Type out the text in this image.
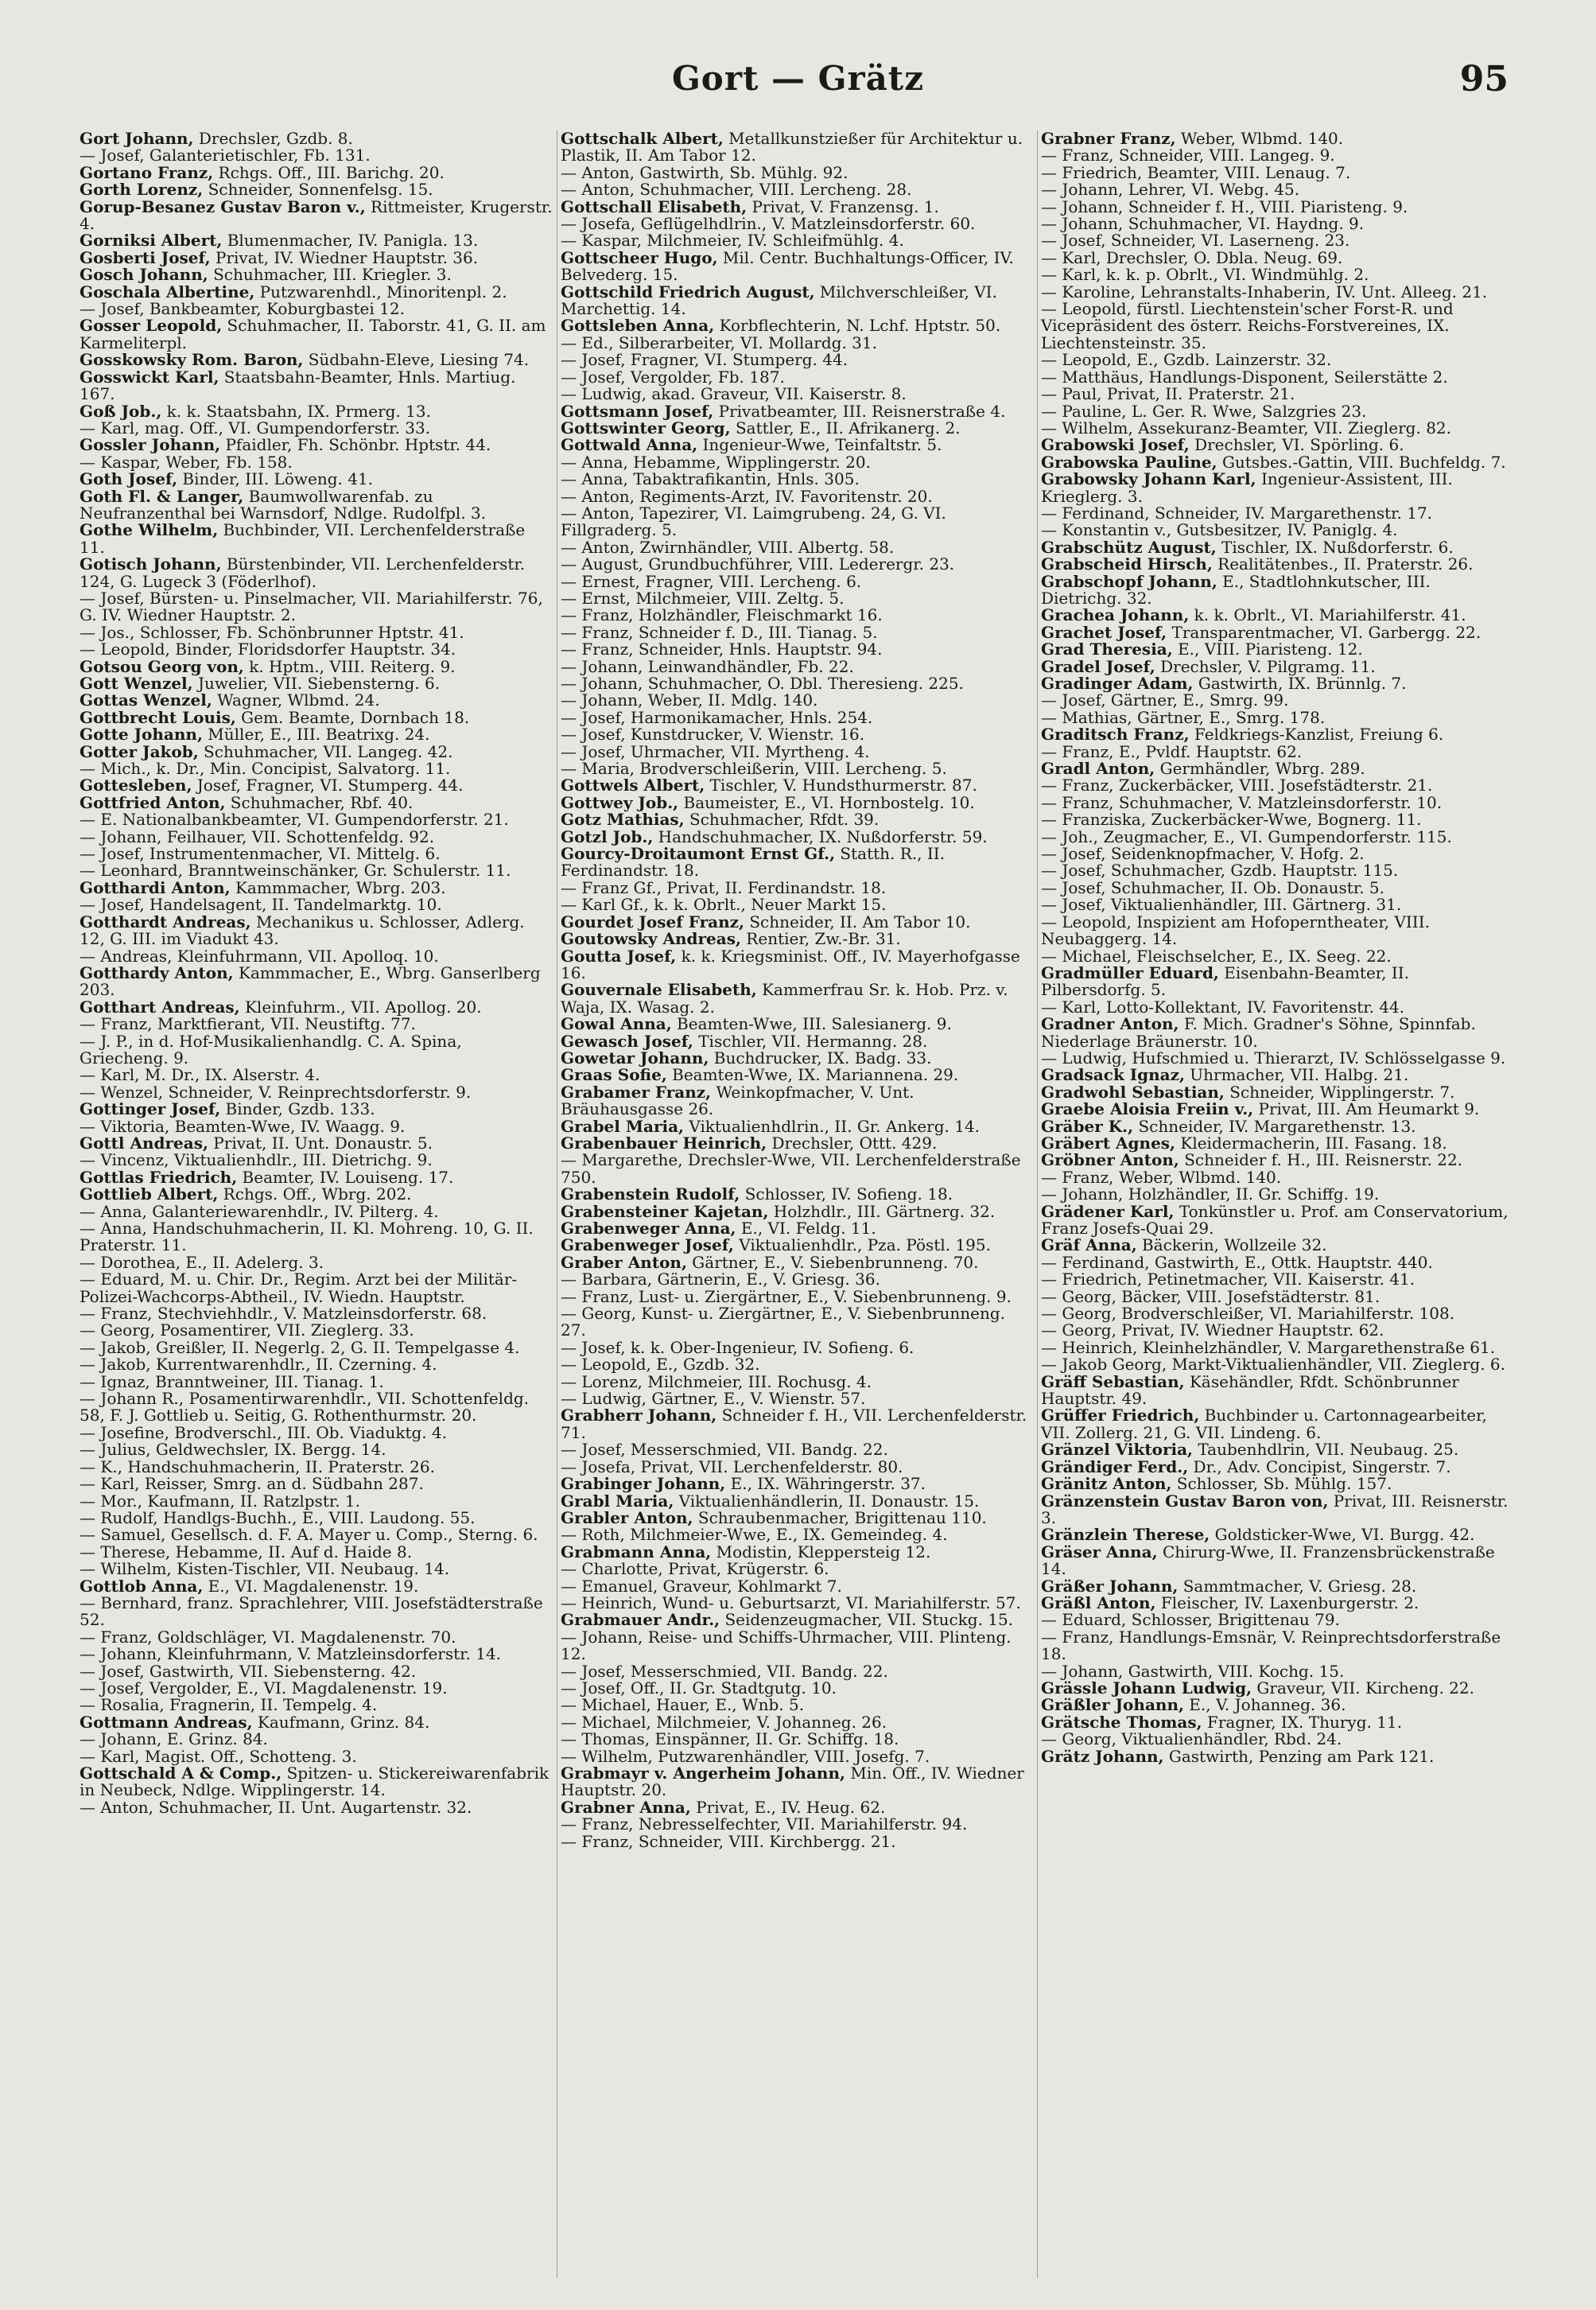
Gort — Grätz	95

Gort Johann, Drechsler, Gzdb. 8.

— Josef, Galanterietischler, Fb. 131.

Gortano Franz, Rchgs. Off., III. Barichg. 20.

Gorth Lorenz, Schneider, Sonnenfelsg. 15.

Gorup-Besanez Gustav Baron v., Rittmeister, Krugerstr. 4.

Gorniksi Albert, Blumenmacher, IV. Panigla. 13.

Gosberti Josef, Privat, IV. Wiedner Hauptstr. 36.

Gosch Johann, Schuhmacher, III. Kriegler. 3.

Goschala Albertine, Putzwarenhdl., Minoritenpl. 2.

— Josef, Bankbeamter, Koburgbastei 12.

Gosser Leopold, Schuhmacher, II. Taborstr. 41, G. II. am Karmeliterpl.

Gosskowsky Rom. Baron, Südbahn-Eleve, Liesing 74.

Gosswickt Karl, Staatsbahn-Beamter, Hnls. Martiug. 167.

Goß Job., k. k. Staatsbahn, IX. Prmerg. 13.

— Karl, mag. Off., VI. Gumpendorferstr. 33.

Gossler Johann, Pfaidler, Fh. Schönbr. Hptstr. 44.

— Kaspar, Weber, Fb. 158.

Goth Josef, Binder, III. Löweng. 41.

Goth Fl. & Langer, Baumwollwarenfab. zu Neufranzenthal bei Warnsdorf, Ndlge. Rudolfpl. 3.

Gothe Wilhelm, Buchbinder, VII. Lerchenfelderstraße 11.

Gotisch Johann, Bürstenbinder, VII. Lerchenfelderstr. 124, G. Lugeck 3 (Föderlhof).

— Josef, Bürsten- u. Pinselmacher, VII. Mariahilferstr. 76, G. IV. Wiedner Hauptstr. 2.

— Jos., Schlosser, Fb. Schönbrunner Hptstr. 41.

— Leopold, Binder, Floridsdorfer Hauptstr. 34.

Gotsou Georg von, k. Hptm., VIII. Reiterg. 9.

Gott Wenzel, Juwelier, VII. Siebensterng. 6.

Gottas Wenzel, Wagner, Wlbmd. 24.

Gottbrecht Louis, Gem. Beamte, Dornbach 18.

Gotte Johann, Müller, E., III. Beatrixg. 24.

Gotter Jakob, Schuhmacher, VII. Langeg. 42.

— Mich., k. Dr., Min. Concipist, Salvatorg. 11.

Gottesleben, Josef, Fragner, VI. Stumperg. 44.

Gottfried Anton, Schuhmacher, Rbf. 40.

— E. Nationalbankbeamter, VI. Gumpendorferstr. 21.

— Johann, Feilhauer, VII. Schottenfeldg. 92.

— Josef, Instrumentenmacher, VI. Mittelg. 6.

— Leonhard, Branntweinschänker, Gr. Schulerstr. 11.

Gotthardi Anton, Kammmacher, Wbrg. 203.

— Josef, Handelsagent, II. Tandelmarktg. 10.

Gotthardt Andreas, Mechanikus u. Schlosser, Adlerg. 12, G. III. im Viadukt 43.

— Andreas, Kleinfuhrmann, VII. Apolloq. 10.

Gotthardy Anton, Kammmacher, E., Wbrg. Ganserlberg 203.

Gotthart Andreas, Kleinfuhrm., VII. Apollog. 20.

— Franz, Marktfierant, VII. Neustiftg. 77.

— J. P., in d. Hof-Musikalienhandlg. C. A. Spina, Griecheng. 9.

— Karl, M. Dr., IX. Alserstr. 4.

— Wenzel, Schneider, V. Reinprechtsdorferstr. 9.

Gottinger Josef, Binder, Gzdb. 133.

— Viktoria, Beamten-Wwe, IV. Waagg. 9.

Gottl Andreas, Privat, II. Unt. Donaustr. 5.

— Vincenz, Viktualienhdlr., III. Dietrichg. 9.

Gottlas Friedrich, Beamter, IV. Louiseng. 17.

Gottlieb Albert, Rchgs. Off., Wbrg. 202.

— Anna, Galanteriewarenhdlr., IV. Pilterg. 4.

— Anna, Handschuhmacherin, II. Kl. Mohreng. 10, G. II. Praterstr. 11.

— Dorothea, E., II. Adelerg. 3.

— Eduard, M. u. Chir. Dr., Regim. Arzt bei der Militär-Polizei-Wachcorps-Abtheil., IV. Wiedn. Hauptstr.

— Franz, Stechviehhdlr., V. Matzleinsdorferstr. 68.

— Georg, Posamentirer, VII. Zieglerg. 33.

— Jakob, Greißler, II. Negerlg. 2, G. II. Tempelgasse 4.

— Jakob, Kurrentwarenhdlr., II. Czerning. 4.

— Ignaz, Branntweiner, III. Tianag. 1.

— Johann R., Posamentirwarenhdlr., VII. Schottenfeldg. 58, F. J. Gottlieb u. Seitig, G. Rothenthurmstr. 20.

— Josefine, Brodverschl., III. Ob. Viaduktg. 4.

— Julius, Geldwechsler, IX. Bergg. 14.

— K., Handschuhmacherin, II. Praterstr. 26.

— Karl, Reisser, Smrg. an d. Südbahn 287.

— Mor., Kaufmann, II. Ratzlpstr. 1.

— Rudolf, Handlgs-Buchh., E., VIII. Laudong. 55.

— Samuel, Gesellsch. d. F. A. Mayer u. Comp., Sterng. 6.

— Therese, Hebamme, II. Auf d. Haide 8.

— Wilhelm, Kisten-Tischler, VII. Neubaug. 14.

Gottlob Anna, E., VI. Magdalenenstr. 19.

— Bernhard, franz. Sprachlehrer, VIII. Josefstädterstraße 52.

— Franz, Goldschläger, VI. Magdalenenstr. 70.

— Johann, Kleinfuhrmann, V. Matzleinsdorferstr. 14.

— Josef, Gastwirth, VII. Siebensterng. 42.

— Josef, Vergolder, E., VI. Magdalenenstr. 19.

— Rosalia, Fragnerin, II. Tempelg. 4.

Gottmann Andreas, Kaufmann, Grinz. 84.

— Johann, E. Grinz. 84.

— Karl, Magist. Off., Schotteng. 3.

Gottschald A & Comp., Spitzen- u. Stickereiwarenfabrik in Neubeck, Ndlge. Wipplingerstr. 14.

— Anton, Schuhmacher, II. Unt. Augartenstr. 32.

Gottschalk Albert, Metallkunstzießer für Architektur u. Plastik, II. Am Tabor 12.

— Anton, Gastwirth, Sb. Mühlg. 92.

— Anton, Schuhmacher, VIII. Lercheng. 28.

Gottschall Elisabeth, Privat, V. Franzensg. 1.

— Josefa, Geflügelhdlrin., V. Matzleinsdorferstr. 60.

— Kaspar, Milchmeier, IV. Schleifmühlg. 4.

Gottscheer Hugo, Mil. Centr. Buchhaltungs-Officer, IV. Belvederg. 15.

Gottschild Friedrich August, Milchverschleißer, VI. Marchettig. 14.

Gottsleben Anna, Korbflechterin, N. Lchf. Hptstr. 50.

— Ed., Silberarbeiter, VI. Mollardg. 31.

— Josef, Fragner, VI. Stumperg. 44.

— Josef, Vergolder, Fb. 187.

— Ludwig, akad. Graveur, VII. Kaiserstr. 8.

Gottsmann Josef, Privatbeamter, III. Reisnerstraße 4.

Gottswinter Georg, Sattler, E., II. Afrikanerg. 2.

Gottwald Anna, Ingenieur-Wwe, Teinfaltstr. 5.

— Anna, Hebamme, Wipplingerstr. 20.

— Anna, Tabaktrafikantin, Hnls. 305.

— Anton, Regiments-Arzt, IV. Favoritenstr. 20.

— Anton, Tapezirer, VI. Laimgrubeng. 24, G. VI. Fillgraderg. 5.

— Anton, Zwirnhändler, VIII. Albertg. 58.

— August, Grundbuchführer, VIII. Lederergr. 23.

— Ernest, Fragner, VIII. Lercheng. 6.

— Ernst, Milchmeier, VIII. Zeltg. 5.

— Franz, Holzhändler, Fleischmarkt 16.

— Franz, Schneider f. D., III. Tianag. 5.

— Franz, Schneider, Hnls. Hauptstr. 94.

— Johann, Leinwandhändler, Fb. 22.

— Johann, Schuhmacher, O. Dbl. Theresieng. 225.

— Johann, Weber, II. Mdlg. 140.

— Josef, Harmonikamacher, Hnls. 254.

— Josef, Kunstdrucker, V. Wienstr. 16.

— Josef, Uhrmacher, VII. Myrtheng. 4.

— Maria, Brodverschleißerin, VIII. Lercheng. 5.

Gottwels Albert, Tischler, V. Hundsthurmerstr. 87.

Gottwey Job., Baumeister, E., VI. Hornbostelg. 10.

Gotz Mathias, Schuhmacher, Rfdt. 39.

Gotzl Job., Handschuhmacher, IX. Nußdorferstr. 59.

Gourcy-Droitaumont Ernst Gf., Statth. R., II. Ferdinandstr. 18.

— Franz Gf., Privat, II. Ferdinandstr. 18.

— Karl Gf., k. k. Obrlt., Neuer Markt 15.

Gourdet Josef Franz, Schneider, II. Am Tabor 10.

Goutowsky Andreas, Rentier, Zw.-Br. 31.

Goutta Josef, k. k. Kriegsminist. Off., IV. Mayerhofgasse 16.

Gouvernale Elisabeth, Kammerfrau Sr. k. Hob. Prz. v. Waja, IX. Wasag. 2.

Gowal Anna, Beamten-Wwe, III. Salesianerg. 9.

Gewasch Josef, Tischler, VII. Hermanng. 28.

Gowetar Johann, Buchdrucker, IX. Badg. 33.

Graas Sofie, Beamten-Wwe, IX. Mariannena. 29.

Grabamer Franz, Weinkopfmacher, V. Unt. Bräuhausgasse 26.

Grabel Maria, Viktualienhdlrin., II. Gr. Ankerg. 14.

Grabenbauer Heinrich, Drechsler, Ottt. 429.

— Margarethe, Drechsler-Wwe, VII. Lerchenfelderstraße 750.

Grabenstein Rudolf, Schlosser, IV. Sofieng. 18.

Grabensteiner Kajetan, Holzhdlr., III. Gärtnerg. 32.

Grabenweger Anna, E., VI. Feldg. 11.

Grabenweger Josef, Viktualienhdlr., Pza. Pöstl. 195.

Graber Anton, Gärtner, E., V. Siebenbrunneng. 70.

— Barbara, Gärtnerin, E., V. Griesg. 36.

— Franz, Lust- u. Ziergärtner, E., V. Siebenbrunneng. 9.

— Georg, Kunst- u. Ziergärtner, E., V. Siebenbrunneng. 27.

— Josef, k. k. Ober-Ingenieur, IV. Sofieng. 6.

— Leopold, E., Gzdb. 32.

— Lorenz, Milchmeier, III. Rochusg. 4.

— Ludwig, Gärtner, E., V. Wienstr. 57.

Grabherr Johann, Schneider f. H., VII. Lerchenfelderstr. 71.

— Josef, Messerschmied, VII. Bandg. 22.

— Josefa, Privat, VII. Lerchenfelderstr. 80.

Grabinger Johann, E., IX. Währingerstr. 37.

Grabl Maria, Viktualienhändlerin, II. Donaustr. 15.

Grabler Anton, Schraubenmacher, Brigittenau 110.

— Roth, Milchmeier-Wwe, E., IX. Gemeindeg. 4.

Grabmann Anna, Modistin, Kleppersteig 12.

— Charlotte, Privat, Krügerstr. 6.

— Emanuel, Graveur, Kohlmarkt 7.

— Heinrich, Wund- u. Geburtsarzt, VI. Mariahilferstr. 57.

Grabmauer Andr., Seidenzeugmacher, VII. Stuckg. 15.

— Johann, Reise- und Schiffs-Uhrmacher, VIII. Plinteng. 12.

— Josef, Messerschmied, VII. Bandg. 22.

— Josef, Off., II. Gr. Stadtgutg. 10.

— Michael, Hauer, E., Wnb. 5.

— Michael, Milchmeier, V. Johanneg. 26.

— Thomas, Einspänner, II. Gr. Schiffg. 18.

— Wilhelm, Putzwarenhändler, VIII. Josefg. 7.

Grabmayr v. Angerheim Johann, Min. Off., IV. Wiedner Hauptstr. 20.

Grabner Anna, Privat, E., IV. Heug. 62.

— Franz, Nebresselfechter, VII. Mariahilferstr. 94.

— Franz, Schneider, VIII. Kirchbergg. 21.

Grabner Franz, Weber, Wlbmd. 140.

— Franz, Schneider, VIII. Langeg. 9.

— Friedrich, Beamter, VIII. Lenaug. 7.

— Johann, Lehrer, VI. Webg. 45.

— Johann, Schneider f. H., VIII. Piaristeng. 9.

— Johann, Schuhmacher, VI. Haydng. 9.

— Josef, Schneider, VI. Laserneng. 23.

— Karl, Drechsler, O. Dbla. Neug. 69.

— Karl, k. k. p. Obrlt., VI. Windmühlg. 2.

— Karoline, Lehranstalts-Inhaberin, IV. Unt. Alleeg. 21.

— Leopold, fürstl. Liechtenstein'scher Forst-R. und Vicepräsident des österr. Reichs-Forstvereines, IX. Liechtensteinstr. 35.

— Leopold, E., Gzdb. Lainzerstr. 32.

— Matthäus, Handlungs-Disponent, Seilerstätte 2.

— Paul, Privat, II. Praterstr. 21.

— Pauline, L. Ger. R. Wwe, Salzgries 23.

— Wilhelm, Assekuranz-Beamter, VII. Zieglerg. 82.

Grabowski Josef, Drechsler, VI. Spörling. 6.

Grabowska Pauline, Gutsbes.-Gattin, VIII. Buchfeldg. 7.

Grabowsky Johann Karl, Ingenieur-Assistent, III. Krieglerg. 3.

— Ferdinand, Schneider, IV. Margarethenstr. 17.

— Konstantin v., Gutsbesitzer, IV. Paniglg. 4.

Grabschütz August, Tischler, IX. Nußdorferstr. 6.

Grabscheid Hirsch, Realitätenbes., II. Praterstr. 26.

Grabschopf Johann, E., Stadtlohnkutscher, III. Dietrichg. 32.

Grachea Johann, k. k. Obrlt., VI. Mariahilferstr. 41.

Grachet Josef, Transparentmacher, VI. Garbergg. 22.

Grad Theresia, E., VIII. Piaristeng. 12.

Gradel Josef, Drechsler, V. Pilgramg. 11.

Gradinger Adam, Gastwirth, IX. Brünnlg. 7.

— Josef, Gärtner, E., Smrg. 99.

— Mathias, Gärtner, E., Smrg. 178.

Graditsch Franz, Feldkriegs-Kanzlist, Freiung 6.

— Franz, E., Pvldf. Hauptstr. 62.

Gradl Anton, Germhändler, Wbrg. 289.

— Franz, Zuckerbäcker, VIII. Josefstädterstr. 21.

— Franz, Schuhmacher, V. Matzleinsdorferstr. 10.

— Franziska, Zuckerbäcker-Wwe, Bognerg. 11.

— Joh., Zeugmacher, E., VI. Gumpendorferstr. 115.

— Josef, Seidenknopfmacher, V. Hofg. 2.

— Josef, Schuhmacher, Gzdb. Hauptstr. 115.

— Josef, Schuhmacher, II. Ob. Donaustr. 5.

— Josef, Viktualienhändler, III. Gärtnerg. 31.

— Leopold, Inspizient am Hofoperntheater, VIII. Neubaggerg. 14.

— Michael, Fleischselcher, E., IX. Seeg. 22.

Gradmüller Eduard, Eisenbahn-Beamter, II. Pilbersdorfg. 5.

— Karl, Lotto-Kollektant, IV. Favoritenstr. 44.

Gradner Anton, F. Mich. Gradner's Söhne, Spinnfab. Niederlage Bräunerstr. 10.

— Ludwig, Hufschmied u. Thierarzt, IV. Schlösselgasse 9.

Gradsack Ignaz, Uhrmacher, VII. Halbg. 21.

Gradwohl Sebastian, Schneider, Wipplingerstr. 7.

Graebe Aloisia Freiin v., Privat, III. Am Heumarkt 9.

Gräber K., Schneider, IV. Margarethenstr. 13.

Gräbert Agnes, Kleidermacherin, III. Fasang. 18.

Gröbner Anton, Schneider f. H., III. Reisnerstr. 22.

— Franz, Weber, Wlbmd. 140.

— Johann, Holzhändler, II. Gr. Schiffg. 19.

Grädener Karl, Tonkünstler u. Prof. am Conservatorium, Franz Josefs-Quai 29.

Gräf Anna, Bäckerin, Wollzeile 32.

— Ferdinand, Gastwirth, E., Ottk. Hauptstr. 440.

— Friedrich, Petinetmacher, VII. Kaiserstr. 41.

— Georg, Bäcker, VIII. Josefstädterstr. 81.

— Georg, Brodverschleißer, VI. Mariahilferstr. 108.

— Georg, Privat, IV. Wiedner Hauptstr. 62.

— Heinrich, Kleinhelzhändler, V. Margarethenstraße 61.

— Jakob Georg, Markt-Viktualienhändler, VII. Zieglerg. 6.

Gräff Sebastian, Käsehändler, Rfdt. Schönbrunner Hauptstr. 49.

Grüffer Friedrich, Buchbinder u. Cartonnagearbeiter, VII. Zollerg. 21, G. VII. Lindeng. 6.

Gränzel Viktoria, Taubenhdlrin, VII. Neubaug. 25.

Grändiger Ferd., Dr., Adv. Concipist, Singerstr. 7.

Gränitz Anton, Schlosser, Sb. Mühlg. 157.

Gränzenstein Gustav Baron von, Privat, III. Reisnerstr. 3.

Gränzlein Therese, Goldsticker-Wwe, VI. Burgg. 42.

Gräser Anna, Chirurg-Wwe, II. Franzensbrückenstraße 14.

Gräßer Johann, Sammtmacher, V. Griesg. 28.

Gräßl Anton, Fleischer, IV. Laxenburgerstr. 2.

— Eduard, Schlosser, Brigittenau 79.

— Franz, Handlungs-Emsnär, V. Reinprechtsdorferstraße 18.

— Johann, Gastwirth, VIII. Kochg. 15.

Grässle Johann Ludwig, Graveur, VII. Kircheng. 22.

Gräßler Johann, E., V. Johanneg. 36.

Grätsche Thomas, Fragner, IX. Thuryg. 11.

— Georg, Viktualienhändler, Rbd. 24.

Grätz Johann, Gastwirth, Penzing am Park 121.
